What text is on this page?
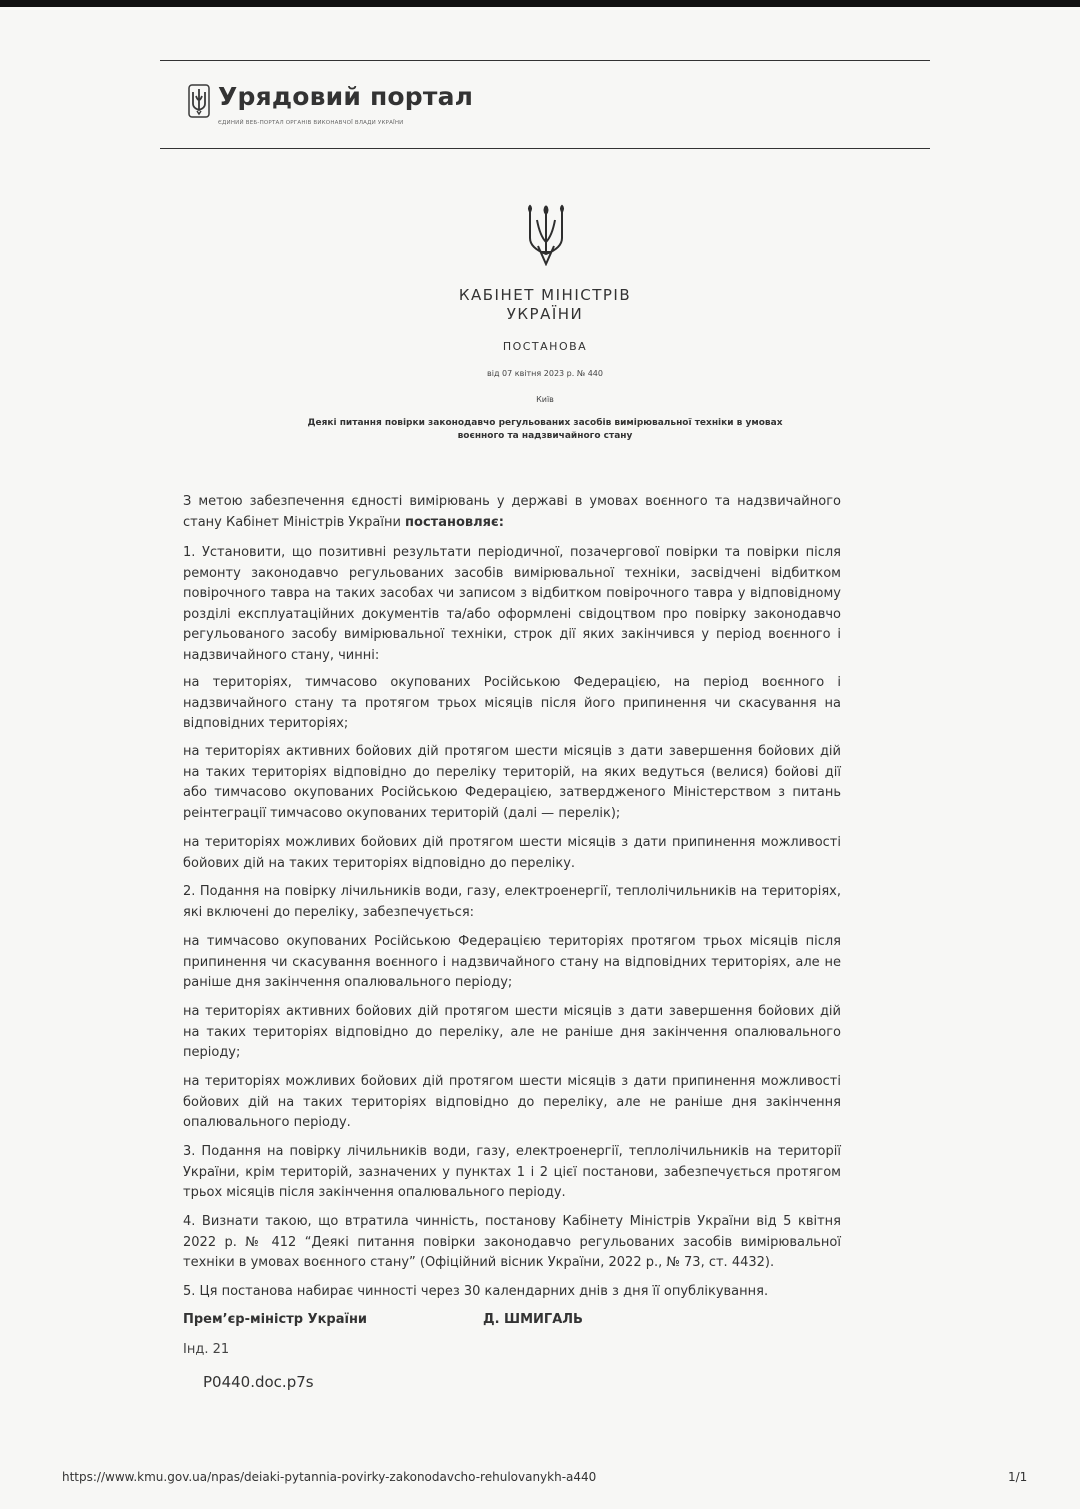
Урядовий портал
ЄДИНИЙ ВЕБ-ПОРТАЛ ОРГАНІВ ВИКОНАВЧОЇ ВЛАДИ УКРАЇНИ
КАБІНЕТ МІНІСТРІВ
УКРАЇНИ
ПОСТАНОВА
від 07 квітня 2023 р. № 440
Київ
Деякі питання повірки законодавчо регульованих засобів вимірювальної техніки в умовах воєнного та надзвичайного стану

З метою забезпечення єдності вимірювань у державі в умовах воєнного та надзвичайного стану Кабінет Міністрів України постановляє:

1. Установити, що позитивні результати періодичної, позачергової повірки та повірки після ремонту законодавчо регульованих засобів вимірювальної техніки, засвідчені відбитком повірочного тавра на таких засобах чи записом з відбитком повірочного тавра у відповідному розділі експлуатаційних документів та/або оформлені свідоцтвом про повірку законодавчо регульованого засобу вимірювальної техніки, строк дії яких закінчився у період воєнного і надзвичайного стану, чинні:

на територіях, тимчасово окупованих Російською Федерацією, на період воєнного і надзвичайного стану та протягом трьох місяців після його припинення чи скасування на відповідних територіях;

на територіях активних бойових дій протягом шести місяців з дати завершення бойових дій на таких територіях відповідно до переліку територій, на яких ведуться (велися) бойові дії або тимчасово окупованих Російською Федерацією, затвердженого Міністерством з питань реінтеграції тимчасово окупованих територій (далі — перелік);

на територіях можливих бойових дій протягом шести місяців з дати припинення можливості бойових дій на таких територіях відповідно до переліку.

2. Подання на повірку лічильників води, газу, електроенергії, теплолічильників на територіях, які включені до переліку, забезпечується:

на тимчасово окупованих Російською Федерацією територіях протягом трьох місяців після припинення чи скасування воєнного і надзвичайного стану на відповідних територіях, але не раніше дня закінчення опалювального періоду;

на територіях активних бойових дій протягом шести місяців з дати завершення бойових дій на таких територіях відповідно до переліку, але не раніше дня закінчення опалювального періоду;

на територіях можливих бойових дій протягом шести місяців з дати припинення можливості бойових дій на таких територіях відповідно до переліку, але не раніше дня закінчення опалювального періоду.

3. Подання на повірку лічильників води, газу, електроенергії, теплолічильників на території України, крім територій, зазначених у пунктах 1 і 2 цієї постанови, забезпечується протягом трьох місяців після закінчення опалювального періоду.

4. Визнати такою, що втратила чинність, постанову Кабінету Міністрів України від 5 квітня 2022 р. № 412 “Деякі питання повірки законодавчо регульованих засобів вимірювальної техніки в умовах воєнного стану” (Офіційний вісник України, 2022 р., № 73, ст. 4432).

5. Ця постанова набирає чинності через 30 календарних днів з дня її опублікування.

Прем’єр-міністр України	Д. ШМИГАЛЬ
Інд. 21
P0440.doc.p7s
https://www.kmu.gov.ua/npas/deiaki-pytannia-povirky-zakonodavcho-rehulovanykh-a440	1/1
